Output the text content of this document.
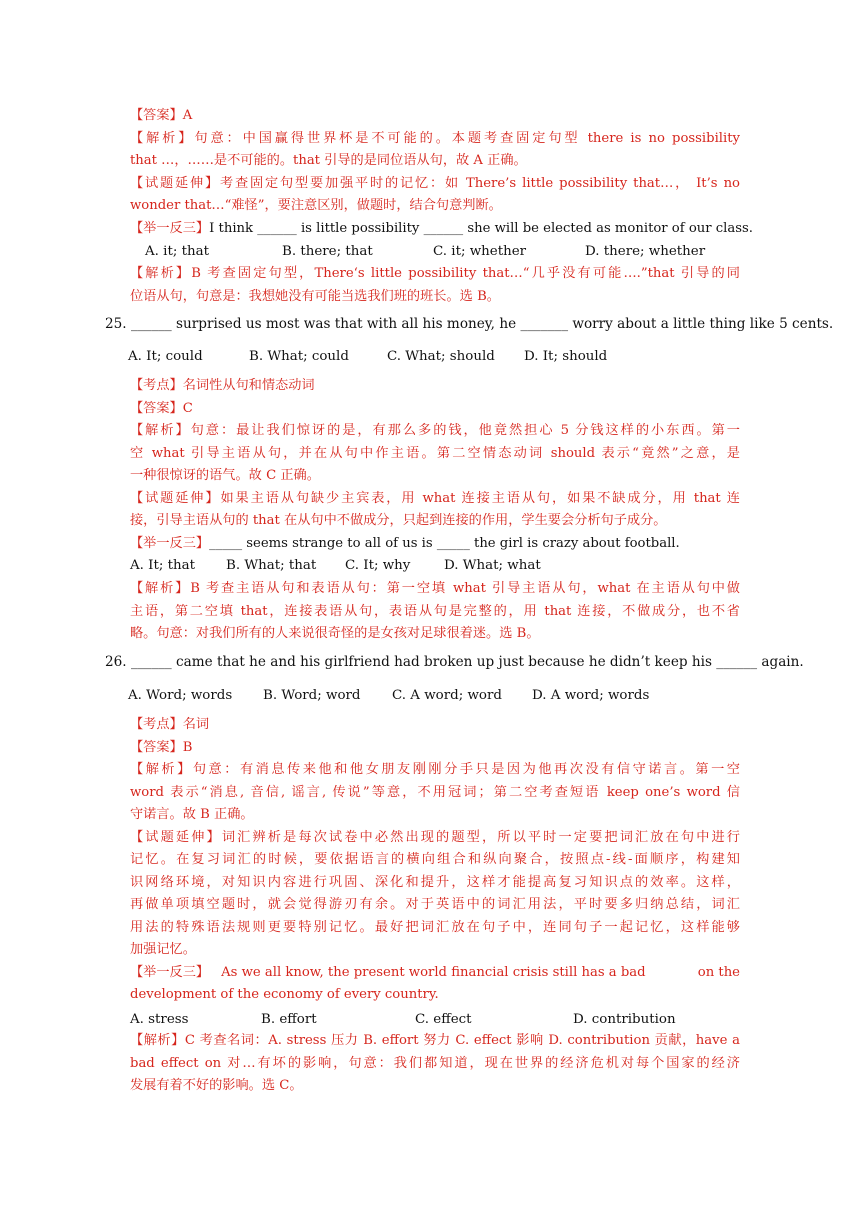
【答案】A
【解析】句意：中国赢得世界杯是不可能的。本题考查固定句型 there is no possibility
that …，……是不可能的。that 引导的是同位语从句，故 A 正确。
【试题延伸】考查固定句型要加强平时的记忆：如 There’s little possibility that…， It’s no
wonder that…“难怪”，要注意区别，做题时，结合句意判断。
【举一反三】I think ______ is little possibility ______ she will be elected as monitor of our class.
A. it; that	B. there; that	C. it; whether	D. there; whether
【解析】B 考查固定句型，There‘s little possibility that…“几乎没有可能….”that 引导的同
位语从句，句意是：我想她没有可能当选我们班的班长。选 B。
25. ______ surprised us most was that with all his money, he _______ worry about a little thing like 5 cents.
A. It; could	B. What; could	C. What; should D. It; should
【考点】名词性从句和情态动词
【答案】C
【解析】句意：最让我们惊讶的是，有那么多的钱，他竟然担心 5 分钱这样的小东西。第一
空 what 引导主语从句，并在从句中作主语。第二空情态动词 should 表示“竟然”之意，是
一种很惊讶的语气。故 C 正确。
【试题延伸】如果主语从句缺少主宾表，用 what 连接主语从句，如果不缺成分，用 that 连
接，引导主语从句的 that 在从句中不做成分，只起到连接的作用，学生要会分析句子成分。
【举一反三】_____ seems strange to all of us is _____ the girl is crazy about football.
A. It; that B. What; that C. It; why	D. What; what
【解析】B 考查主语从句和表语从句：第一空填 what 引导主语从句，what 在主语从句中做
主语，第二空填 that，连接表语从句，表语从句是完整的，用 that 连接，不做成分，也不省
略。句意：对我们所有的人来说很奇怪的是女孩对足球很着迷。选 B。
26. ______ came that he and his girlfriend had broken up just because he didn’t keep his ______ again.
A. Word; words B. Word; word C. A word; word D. A word; words
【考点】名词
【答案】B
【解析】句意：有消息传来他和他女朋友刚刚分手只是因为他再次没有信守诺言。第一空
word 表示“消息, 音信, 谣言, 传说”等意，不用冠词；第二空考查短语 keep one’s word 信
守诺言。故 B 正确。
【试题延伸】词汇辨析是每次试卷中必然出现的题型，所以平时一定要把词汇放在句中进行
记忆。在复习词汇的时候，要依据语言的横向组合和纵向聚合，按照点-线-面顺序，构建知
识网络环境，对知识内容进行巩固、深化和提升，这样才能提高复习知识点的效率。这样，
再做单项填空题时，就会觉得游刃有余。对于英语中的词汇用法，平时要多归纳总结，词汇
用法的特殊语法规则更要特别记忆。最好把词汇放在句子中，连同句子一起记忆，这样能够
加强记忆。
【举一反三】 As we all know, the present world financial crisis still has a bad	on the
development of the economy of every country.
A. stress	B. effort	C. effect	D. contribution
【解析】C 考查名词：A. stress 压力 B. effort 努力 C. effect 影响 D. contribution 贡献，have a
bad effect on 对…有坏的影响，句意：我们都知道，现在世界的经济危机对每个国家的经济
发展有着不好的影响。选 C。
